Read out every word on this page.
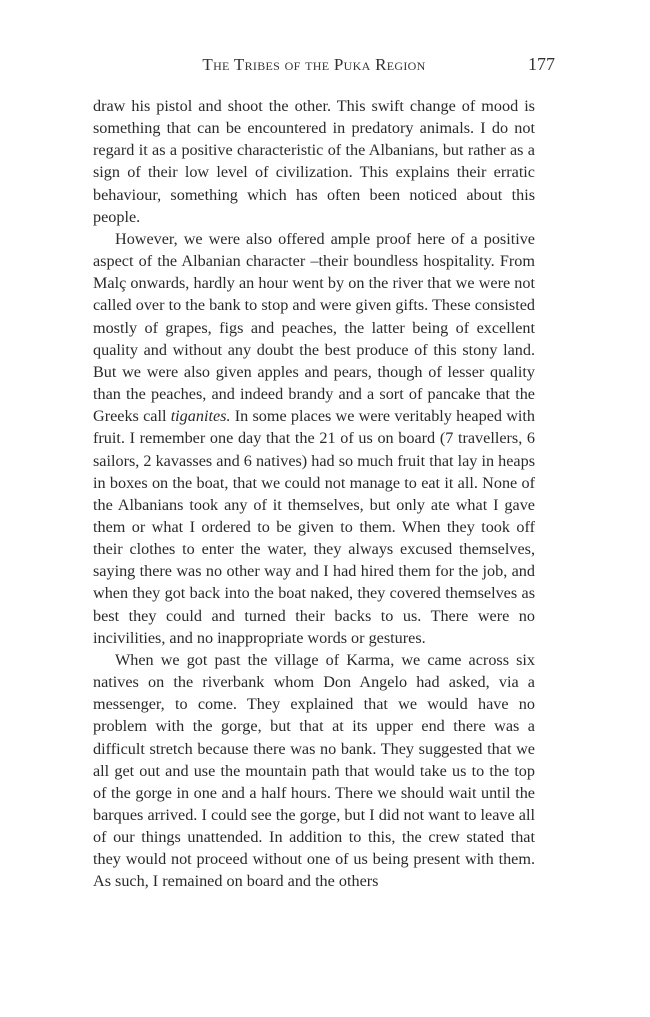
The Tribes of the Puka Region	177

draw his pistol and shoot the other. This swift change of mood is something that can be encountered in predatory animals. I do not regard it as a positive characteristic of the Albanians, but rather as a sign of their low level of civilization. This explains their erratic behaviour, something which has often been noticed about this people.

However, we were also offered ample proof here of a positive aspect of the Albanian character –their boundless hospitality. From Malç onwards, hardly an hour went by on the river that we were not called over to the bank to stop and were given gifts. These consisted mostly of grapes, figs and peaches, the latter being of excellent quality and without any doubt the best produce of this stony land. But we were also given apples and pears, though of lesser quality than the peaches, and indeed brandy and a sort of pancake that the Greeks call tiganites. In some places we were veritably heaped with fruit. I remember one day that the 21 of us on board (7 travellers, 6 sailors, 2 kavasses and 6 natives) had so much fruit that lay in heaps in boxes on the boat, that we could not manage to eat it all. None of the Albanians took any of it themselves, but only ate what I gave them or what I ordered to be given to them. When they took off their clothes to enter the water, they always excused themselves, saying there was no other way and I had hired them for the job, and when they got back into the boat naked, they covered themselves as best they could and turned their backs to us. There were no incivilities, and no inappropriate words or gestures.

When we got past the village of Karma, we came across six natives on the riverbank whom Don Angelo had asked, via a messenger, to come. They explained that we would have no problem with the gorge, but that at its upper end there was a difficult stretch because there was no bank. They suggested that we all get out and use the mountain path that would take us to the top of the gorge in one and a half hours. There we should wait until the barques arrived. I could see the gorge, but I did not want to leave all of our things unattended. In addition to this, the crew stated that they would not proceed without one of us being present with them. As such, I remained on board and the others
